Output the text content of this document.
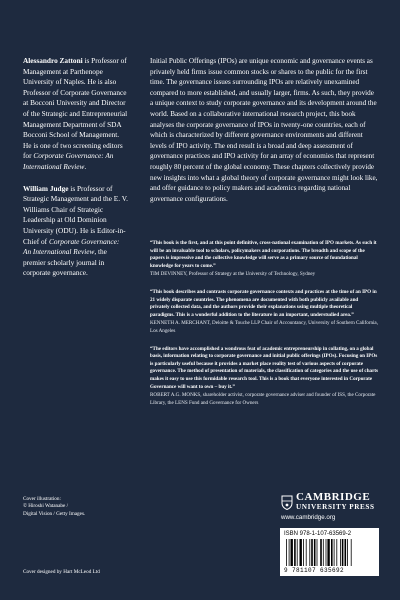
Alessandro Zattoni is Professor of Management at Parthenope University of Naples. He is also Professor of Corporate Governance at Bocconi University and Director of the Strategic and Entrepreneurial Management Department of SDA Bocconi School of Management. He is one of two screening editors for Corporate Governance: An International Review.

William Judge is Professor of Strategic Management and the E. V. Williams Chair of Strategic Leadership at Old Dominion University (ODU). He is Editor-in-Chief of Corporate Governance: An International Review, the premier scholarly journal in corporate governance.

Initial Public Offerings (IPOs) are unique economic and governance events as privately held firms issue common stocks or shares to the public for the first time. The governance issues surrounding IPOs are relatively unexamined compared to more established, and usually larger, firms. As such, they provide a unique context to study corporate governance and its development around the world. Based on a collaborative international research project, this book analyses the corporate governance of IPOs in twenty-one countries, each of which is characterized by different governance environments and different levels of IPO activity. The end result is a broad and deep assessment of governance practices and IPO activity for an array of economies that represent roughly 80 percent of the global economy. These chapters collectively provide new insights into what a global theory of corporate governance might look like, and offer guidance to policy makers and academics regarding national governance configurations.

“This book is the first, and at this point definitive, cross-national examination of IPO markets. As such it will be an invaluable tool to scholars, policymakers and corporations. The breadth and scope of the papers is impressive and the collective knowledge will serve as a primary source of foundational knowledge for years to come.”

TIM DEVINNEY, Professor of Strategy at the University of Technology, Sydney

“This book describes and contrasts corporate governance contexts and practices at the time of an IPO in 21 widely disparate countries. The phenomena are documented with both publicly available and privately collected data, and the authors provide their explanations using multiple theoretical paradigms. This is a wonderful addition to the literature in an important, understudied area.”

KENNETH A. MERCHANT, Deloitte & Touche LLP Chair of Accountancy, University of Southern California, Los Angeles

“The editors have accomplished a wondrous feat of academic entrepreneurship in collating, on a global basis, information relating to corporate governance and initial public offerings (IPOs). Focusing on IPOs is particularly useful because it provides a market place reality test of various aspects of corporate governance. The method of presentation of materials, the classification of categories and the use of charts makes it easy to use this formidable research tool. This is a book that everyone interested in Corporate Governance will want to own – buy it.”

ROBERT A.G. MONKS, shareholder activist, corporate governance adviser and founder of ISS, the Corporate Library, the LENS Fund and Governance for Owners

Cover illustration:
© Hiroshi Watanabe /
Digital Vision / Getty Images.
Cover designed by Hart McLeod Ltd
CAMBRIDGE
UNIVERSITY PRESS
www.cambridge.org
ISBN 978-1-107-63569-2
9 781107 635692
